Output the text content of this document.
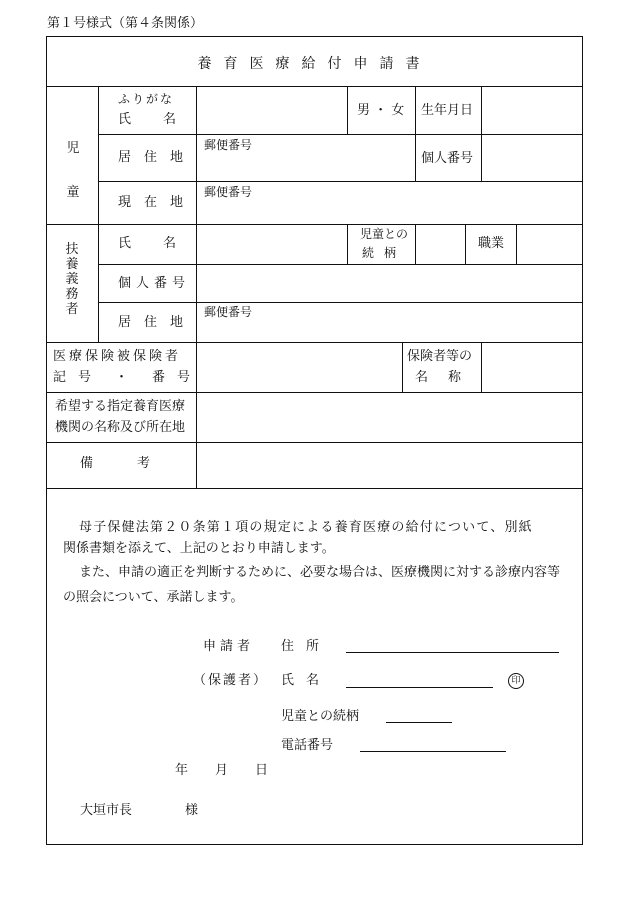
第１号様式（第４条関係）
養育医療給付申請書
児童
ふりがな
氏名
男 ・ 女 生年月日
居住地
郵便番号
個人番号
現在地
郵便番号
扶養義務者
氏名
児童との
続柄
職業
個人番号
居住地
郵便番号
医療保険被保険者
記号 ・ 番号
保険者等の
名称
希望する指定養育医療
機関の名称及び所在地
備考
母子保健法第２０条第１項の規定による養育医療の給付について、別紙
関係書類を添えて、上記のとおり申請します。
また、申請の適正を判断するために、必要な場合は、医療機関に対する診療内容等
の照会について、承諾します。
申請者 住所
（保護者） 氏名	印
児童との続柄
電話番号
年 月 日
大垣市長	様
